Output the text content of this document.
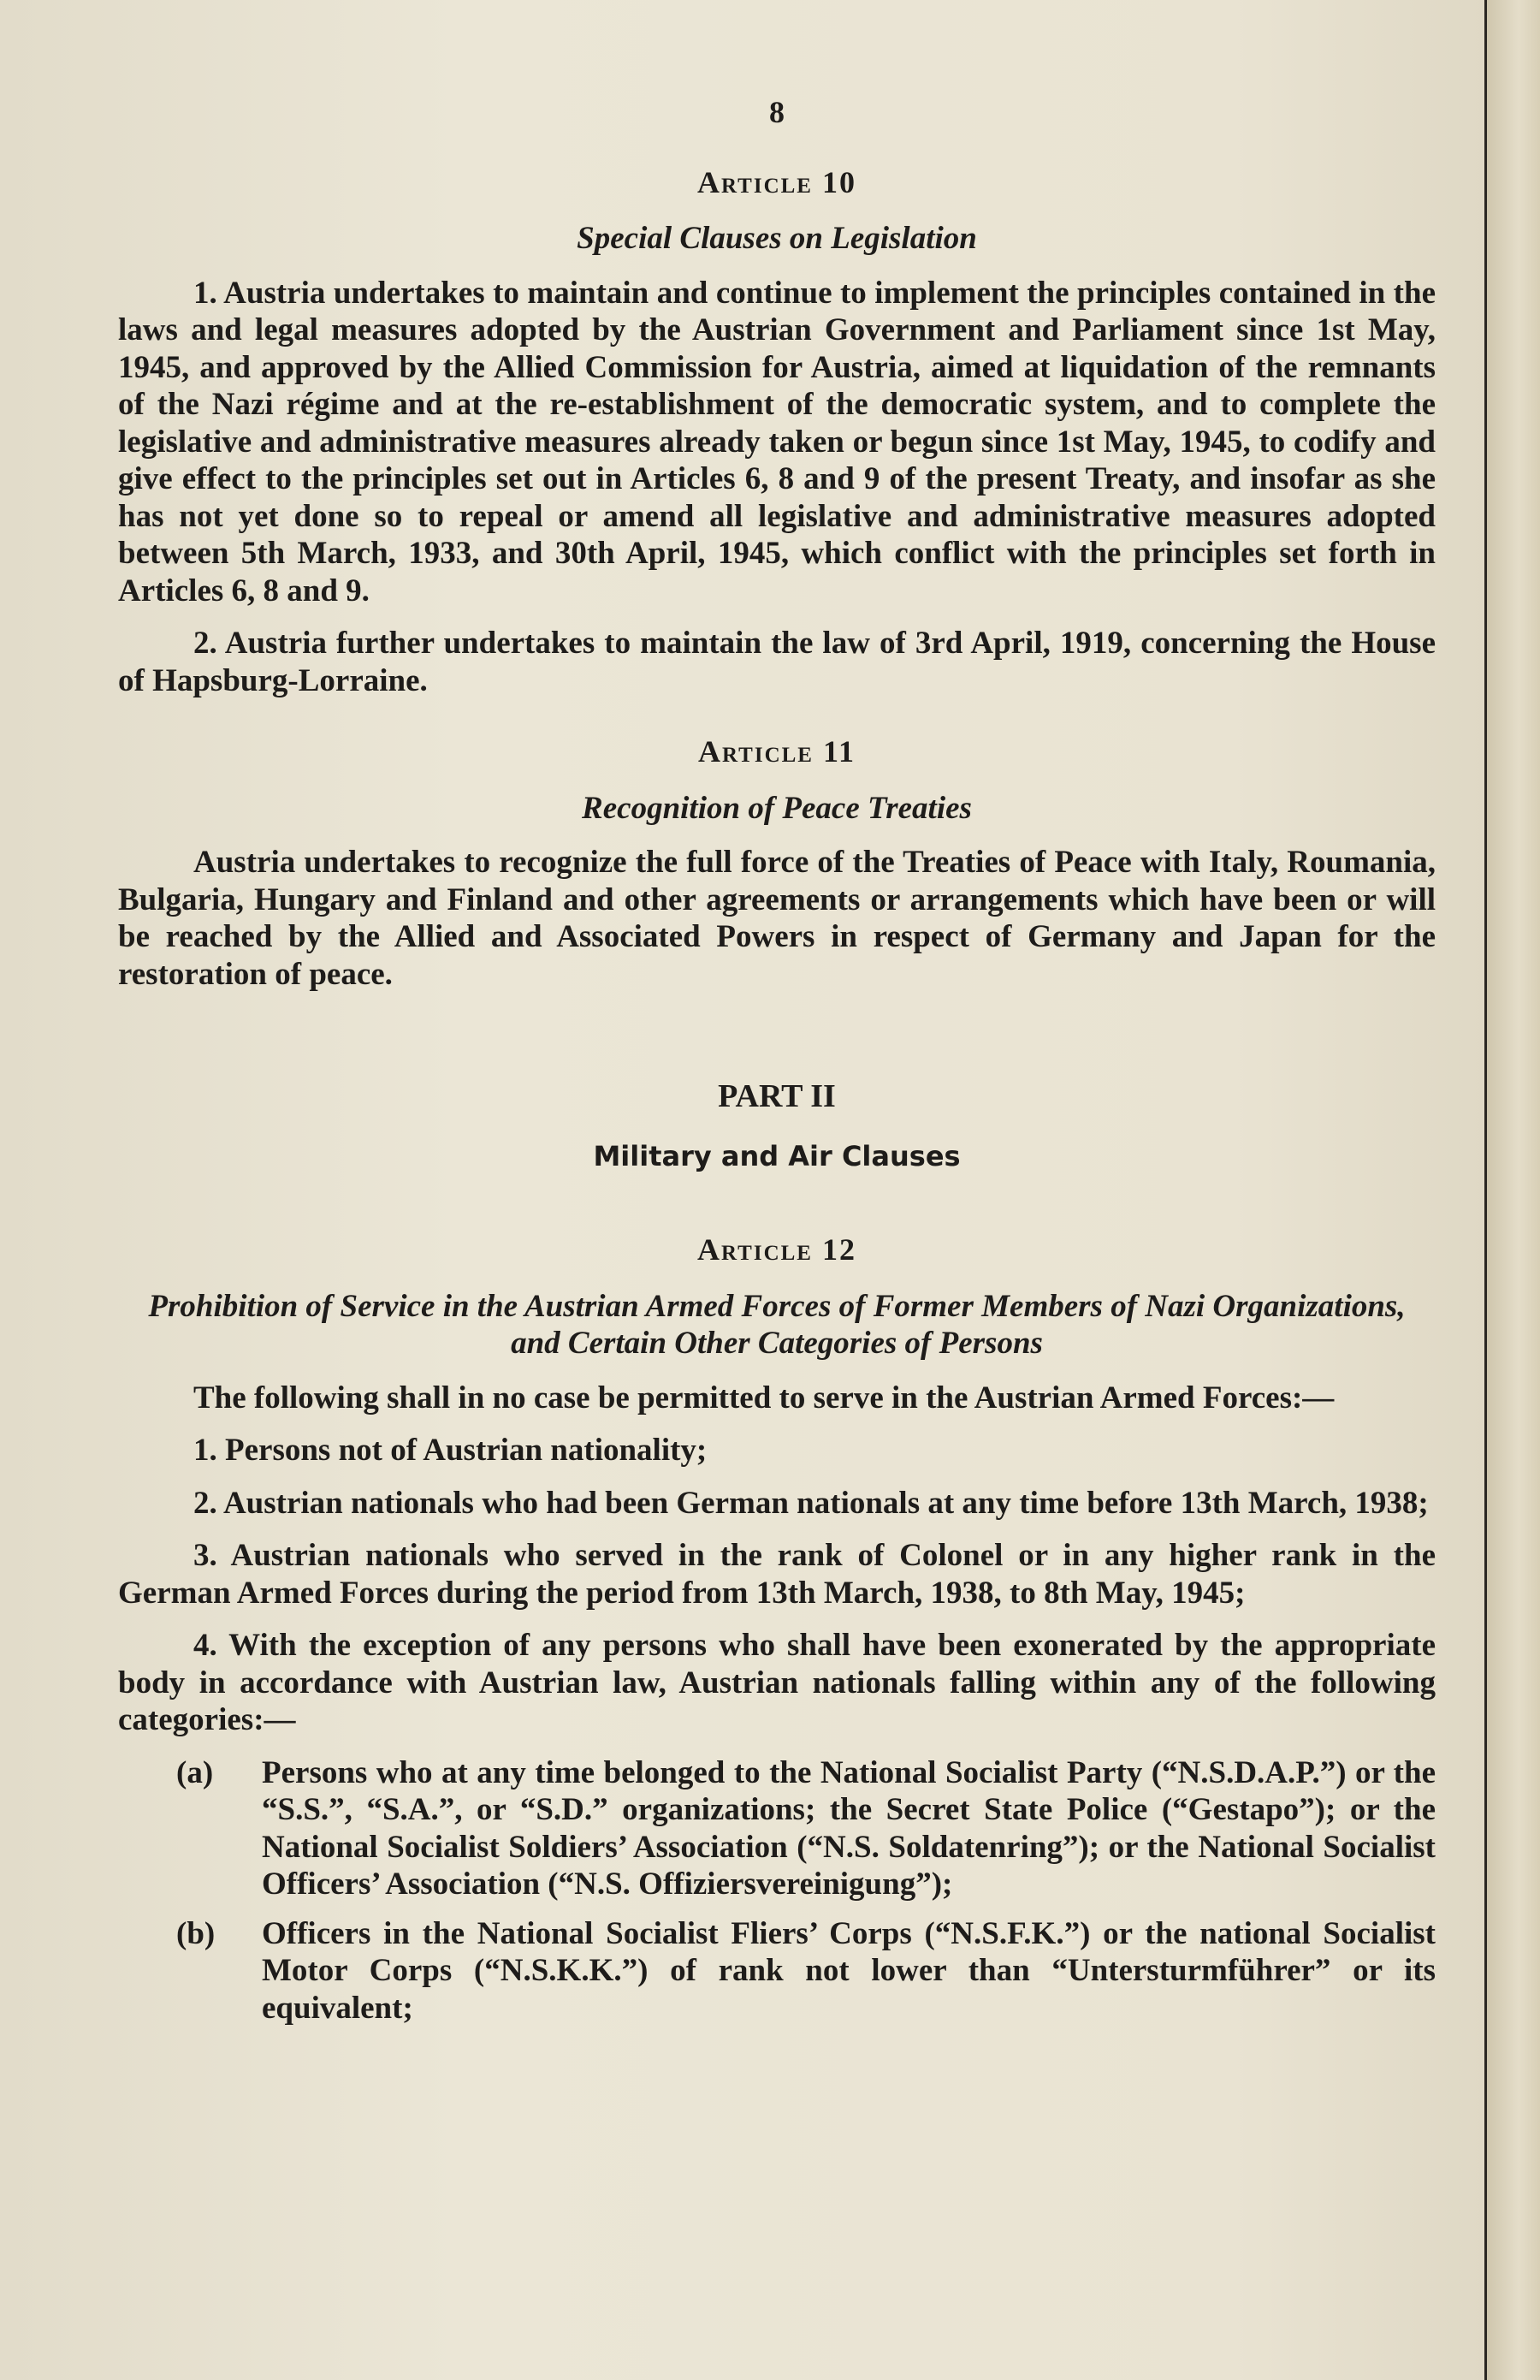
8
Article 10
Special Clauses on Legislation

1. Austria undertakes to maintain and continue to implement the principles contained in the laws and legal measures adopted by the Austrian Government and Parliament since 1st May, 1945, and approved by the Allied Commission for Austria, aimed at liquidation of the remnants of the Nazi régime and at the re-establishment of the democratic system, and to complete the legislative and administrative measures already taken or begun since 1st May, 1945, to codify and give effect to the principles set out in Articles 6, 8 and 9 of the present Treaty, and insofar as she has not yet done so to repeal or amend all legislative and administrative measures adopted between 5th March, 1933, and 30th April, 1945, which conflict with the principles set forth in Articles 6, 8 and 9.

2. Austria further undertakes to maintain the law of 3rd April, 1919, concerning the House of Hapsburg-Lorraine.

Article 11
Recognition of Peace Treaties

Austria undertakes to recognize the full force of the Treaties of Peace with Italy, Roumania, Bulgaria, Hungary and Finland and other agreements or arrangements which have been or will be reached by the Allied and Associated Powers in respect of Germany and Japan for the restoration of peace.

PART II
Military and Air Clauses
Article 12
Prohibition of Service in the Austrian Armed Forces of Former Members of Nazi Organizations, and Certain Other Categories of Persons

The following shall in no case be permitted to serve in the Austrian Armed Forces:—

1. Persons not of Austrian nationality;

2. Austrian nationals who had been German nationals at any time before 13th March, 1938;

3. Austrian nationals who served in the rank of Colonel or in any higher rank in the German Armed Forces during the period from 13th March, 1938, to 8th May, 1945;

4. With the exception of any persons who shall have been exonerated by the appropriate body in accordance with Austrian law, Austrian nationals falling within any of the following categories:—

(a)	Persons who at any time belonged to the National Socialist Party (“N.S.D.A.P.”) or the “S.S.”, “S.A.”, or “S.D.” organizations; the Secret State Police (“Gestapo”); or the National Socialist Soldiers’ Association (“N.S. Soldatenring”); or the National Socialist Officers’ Association (“N.S. Offiziersvereinigung”);
(b)	Officers in the National Socialist Fliers’ Corps (“N.S.F.K.”) or the national Socialist Motor Corps (“N.S.K.K.”) of rank not lower than “Untersturmführer” or its equivalent;
